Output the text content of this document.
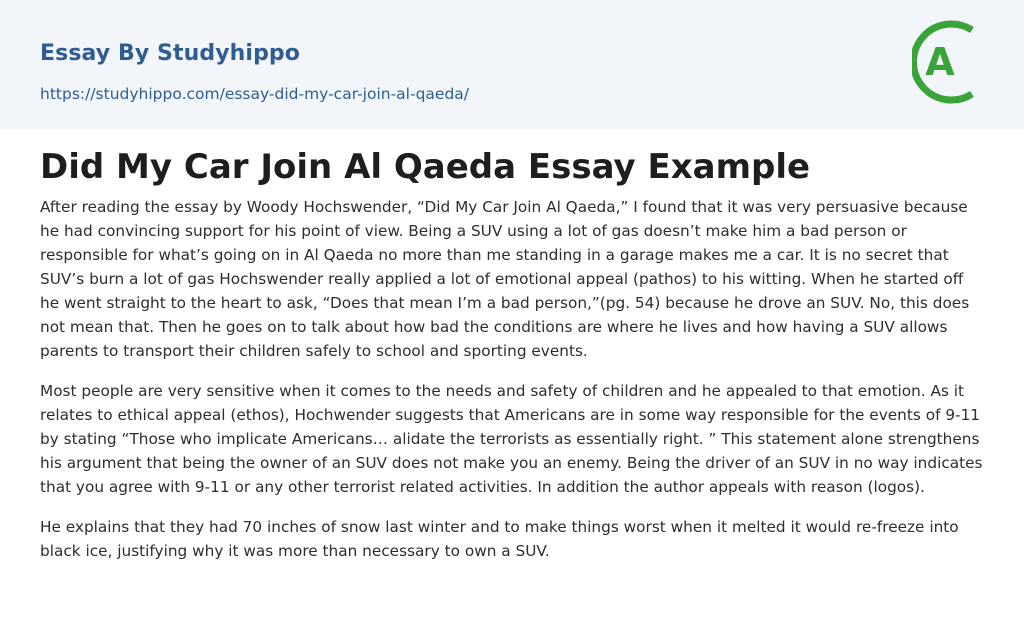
Essay By Studyhippo
https://studyhippo.com/essay-did-my-car-join-al-qaeda/
A
Did My Car Join Al Qaeda Essay Example

After reading the essay by Woody Hochswender, “Did My Car Join Al Qaeda,” I found that it was very persuasive because he had convincing support for his point of view. Being a SUV using a lot of gas doesn’t make him a bad person or responsible for what’s going on in Al Qaeda no more than me standing in a garage makes me a car. It is no secret that SUV’s burn a lot of gas Hochswender really applied a lot of emotional appeal (pathos) to his witting. When he started off he went straight to the heart to ask, “Does that mean I’m a bad person,”(pg. 54) because he drove an SUV. No, this does not mean that. Then he goes on to talk about how bad the conditions are where he lives and how having a SUV allows parents to transport their children safely to school and sporting events.

Most people are very sensitive when it comes to the needs and safety of children and he appealed to that emotion. As it relates to ethical appeal (ethos), Hochwender suggests that Americans are in some way responsible for the events of 9-11 by stating “Those who implicate Americans… alidate the terrorists as essentially right. ” This statement alone strengthens his argument that being the owner of an SUV does not make you an enemy. Being the driver of an SUV in no way indicates that you agree with 9-11 or any other terrorist related activities. In addition the author appeals with reason (logos).

He explains that they had 70 inches of snow last winter and to make things worst when it melted it would re-freeze into black ice, justifying why it was more than necessary to own a SUV.
